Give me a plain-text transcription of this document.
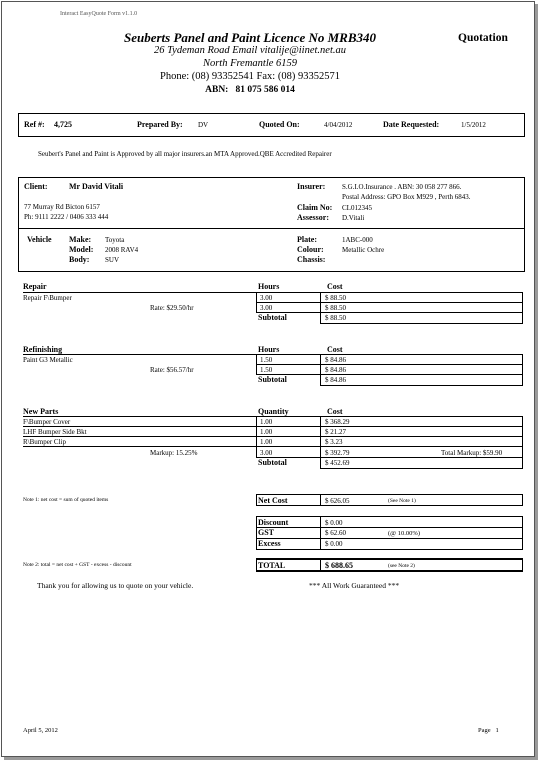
Interact EasyQuote Form v1.1.0
Seuberts Panel and Paint Licence No MRB340
26 Tydeman Road Email vitalije@iinet.net.au
North Fremantle 6159
Phone: (08) 93352541 Fax: (08) 93352571
ABN: 81 075 586 014
Quotation
Ref #: 4,725	Prepared By: DV	Quoted On:	4/04/2012	Date Requested:	1/5/2012
Seubert's Panel and Paint is Approved by all major insurers.an MTA Approved.QBE Accredited Repairer
Client:	Mr David Vitali
77 Murray Rd Bicton 6157
Ph: 9111 2222 / 0406 333 444
Insurer: S.G.I.O.Insurance . ABN: 30 058 277 866.
Postal Address: GPO Box M929 , Perth 6843.
Claim No: CL012345
Assessor: D.Vitali
Vehicle Make: Toyota
Model: 2008 RAV4
Body: SUV
Plate:	1ABC-000
Colour:	Metallic Ochre
Chassis:
Repair	Hours	Cost
Repair F\Bumper	3.00	$ 88.50
Rate: $29.50/hr	3.00	$ 88.50
Subtotal	$ 88.50
Refinishing	Hours	Cost
Paint G3 Metallic	1.50	$ 84.86
Rate: $56.57/hr	1.50	$ 84.86
Subtotal	$ 84.86
New Parts	Quantity	Cost
F\Bumper Cover	1.00	$ 368.29
LHF Bumper Side Bkt	1.00	$ 21.27
R\Bumper Clip	1.00	$ 3.23
Markup: 15.25%	3.00	$ 392.79	Total Markup: $59.90
Subtotal	$ 452.69
Note 1: net cost = sum of quoted items	Net Cost	$ 626.05	(See Note 1)
Discount	$ 0.00
GST	$ 62.60	(@ 10.00%)
Excess	$ 0.00
Note 2: total = net cost + GST - excess - discount	TOTAL	$ 688.65	(see Note 2)
Thank you for allowing us to quote on your vehicle.	*** All Work Guaranteed ***
April 5, 2012	Page 1
